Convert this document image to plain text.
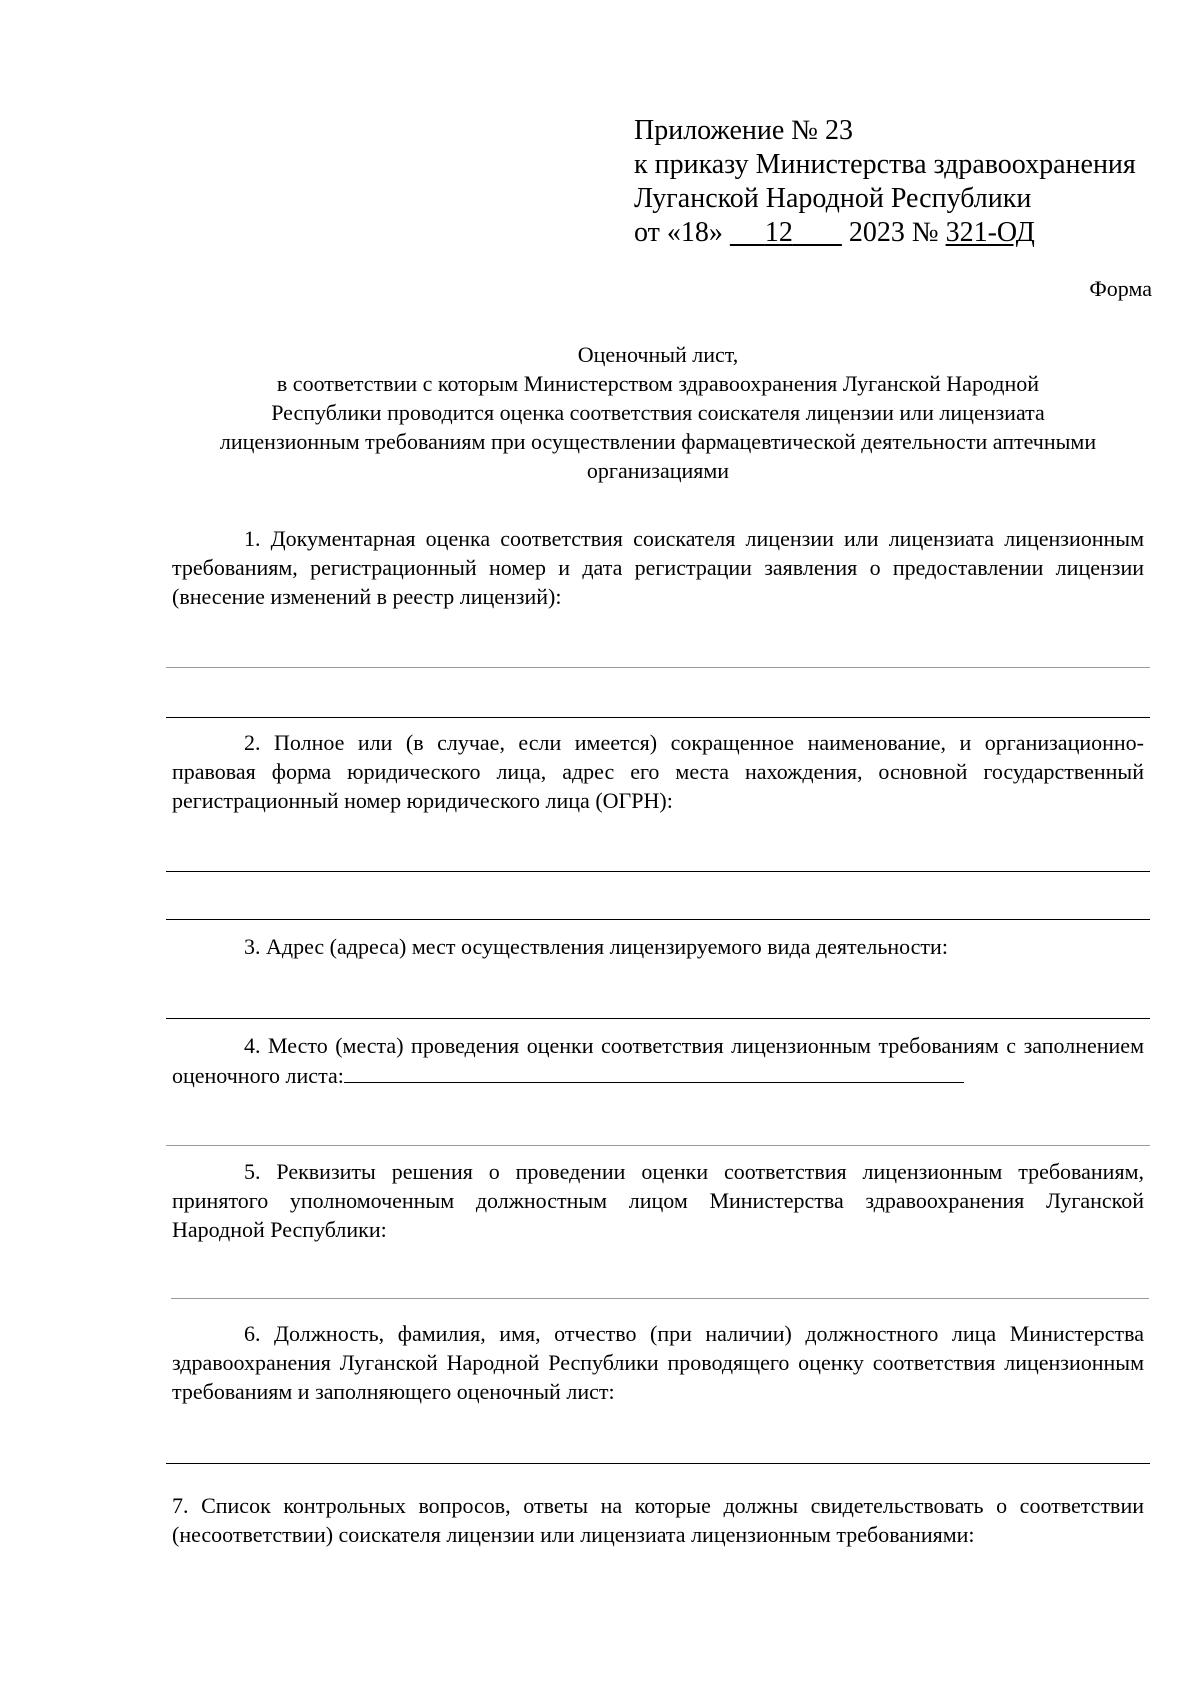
Приложение № 23
к приказу Министерства здравоохранения
Луганской Народной Республики
от «18» 12 2023 № 321-ОД
Форма
Оценочный лист,
в соответствии с которым Министерством здравоохранения Луганской Народной
Республики проводится оценка соответствия соискателя лицензии или лицензиата
лицензионным требованиям при осуществлении фармацевтической деятельности аптечными
организациями
1. Документарная оценка соответствия соискателя лицензии или лицензиата лицензионным требованиям, регистрационный номер и дата регистрации заявления о предоставлении лицензии (внесение изменений в реестр лицензий):
2. Полное или (в случае, если имеется) сокращенное наименование, и организационно-правовая форма юридического лица, адрес его места нахождения, основной государственный регистрационный номер юридического лица (ОГРН):
3. Адрес (адреса) мест осуществления лицензируемого вида деятельности:
4. Место (места) проведения оценки соответствия лицензионным требованиям с заполнением оценочного листа:
5. Реквизиты решения о проведении оценки соответствия лицензионным требованиям, принятого уполномоченным должностным лицом Министерства здравоохранения Луганской Народной Республики:
6. Должность, фамилия, имя, отчество (при наличии) должностного лица Министерства здравоохранения Луганской Народной Республики проводящего оценку соответствия лицензионным требованиям и заполняющего оценочный лист:
7. Список контрольных вопросов, ответы на которые должны свидетельствовать о соответствии (несоответствии) соискателя лицензии или лицензиата лицензионным требованиями:
